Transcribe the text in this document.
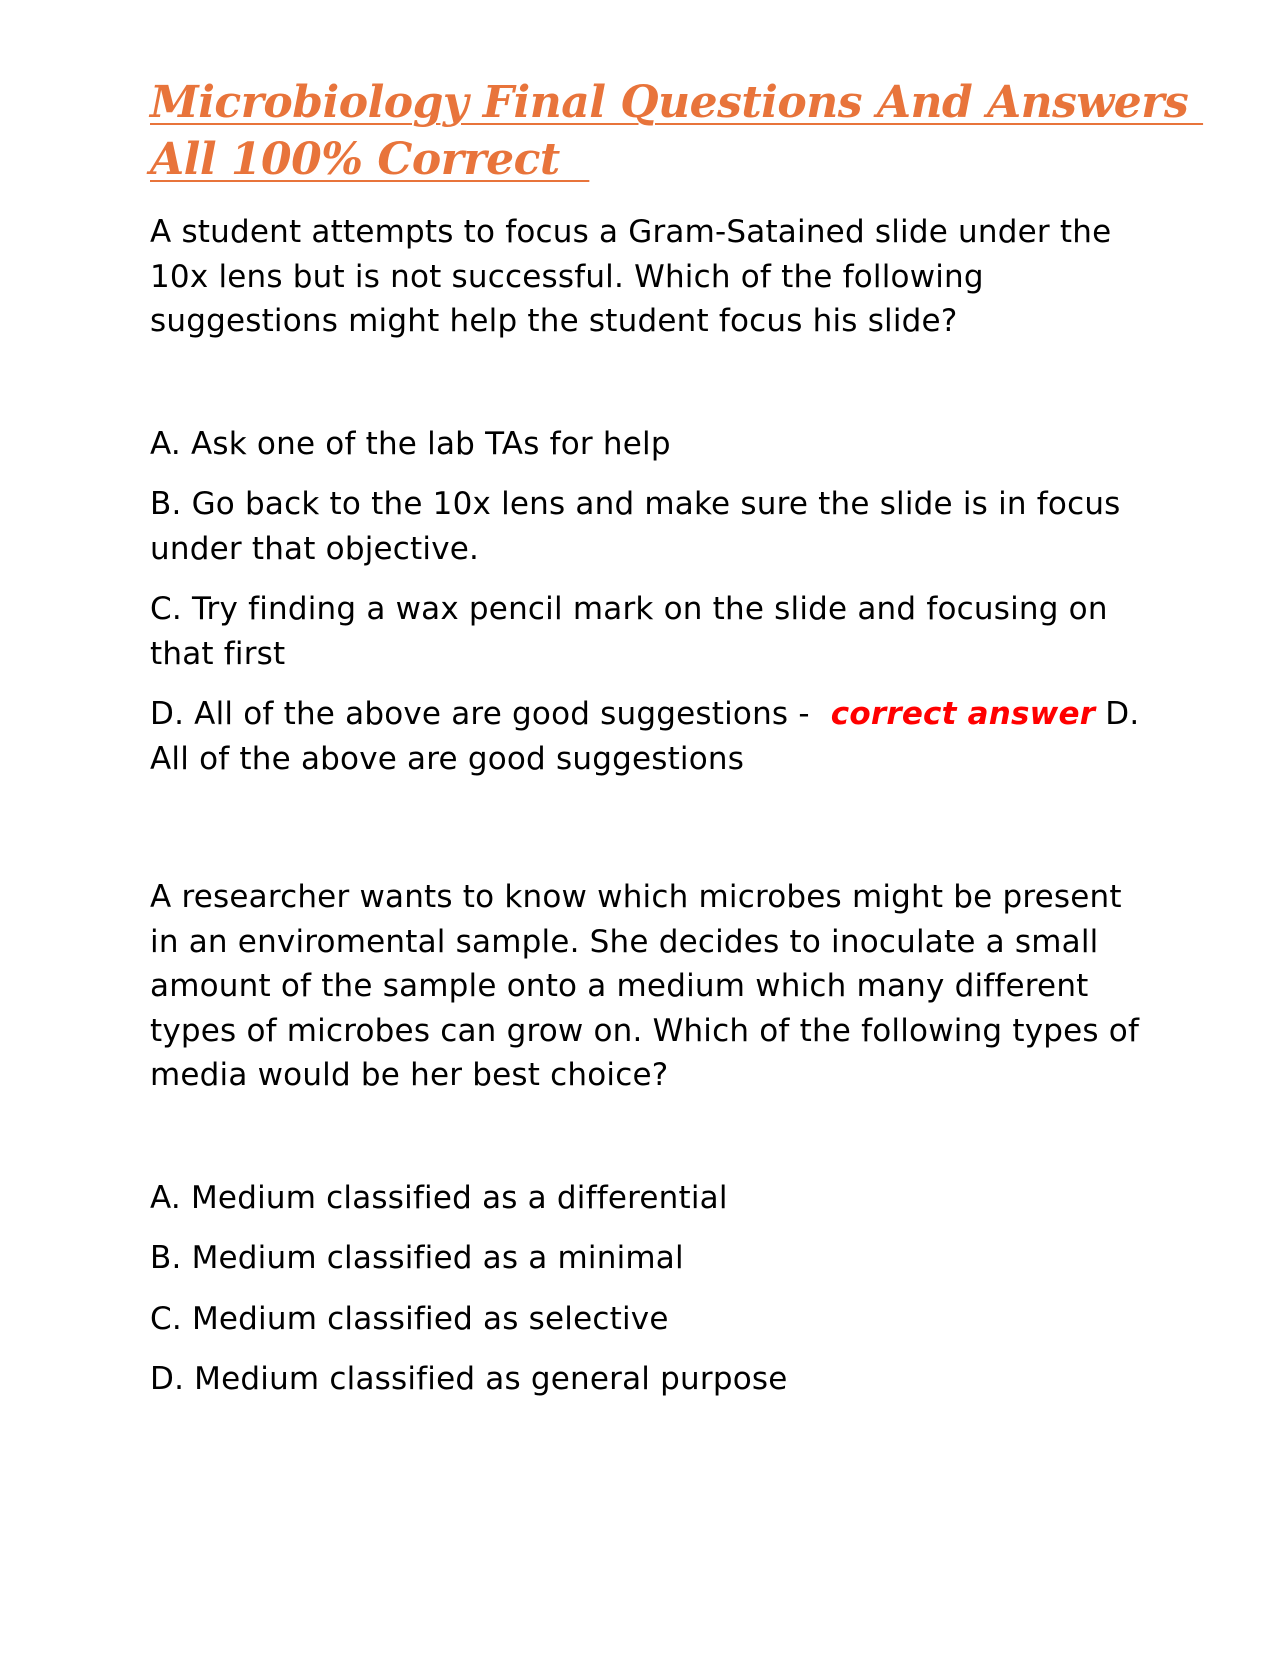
Microbiology Final Questions And Answers
All 100% Correct

A student attempts to focus a Gram-Satained slide under the 10x lens but is not successful. Which of the following suggestions might help the student focus his slide?

A. Ask one of the lab TAs for help

B. Go back to the 10x lens and make sure the slide is in focus under that objective.

C. Try finding a wax pencil mark on the slide and focusing on that first

D. All of the above are good suggestions -  correct answer D. All of the above are good suggestions

A researcher wants to know which microbes might be present in an enviromental sample. She decides to inoculate a small amount of the sample onto a medium which many different types of microbes can grow on. Which of the following types of media would be her best choice?

A. Medium classified as a differential

B. Medium classified as a minimal

C. Medium classified as selective

D. Medium classified as general purpose
